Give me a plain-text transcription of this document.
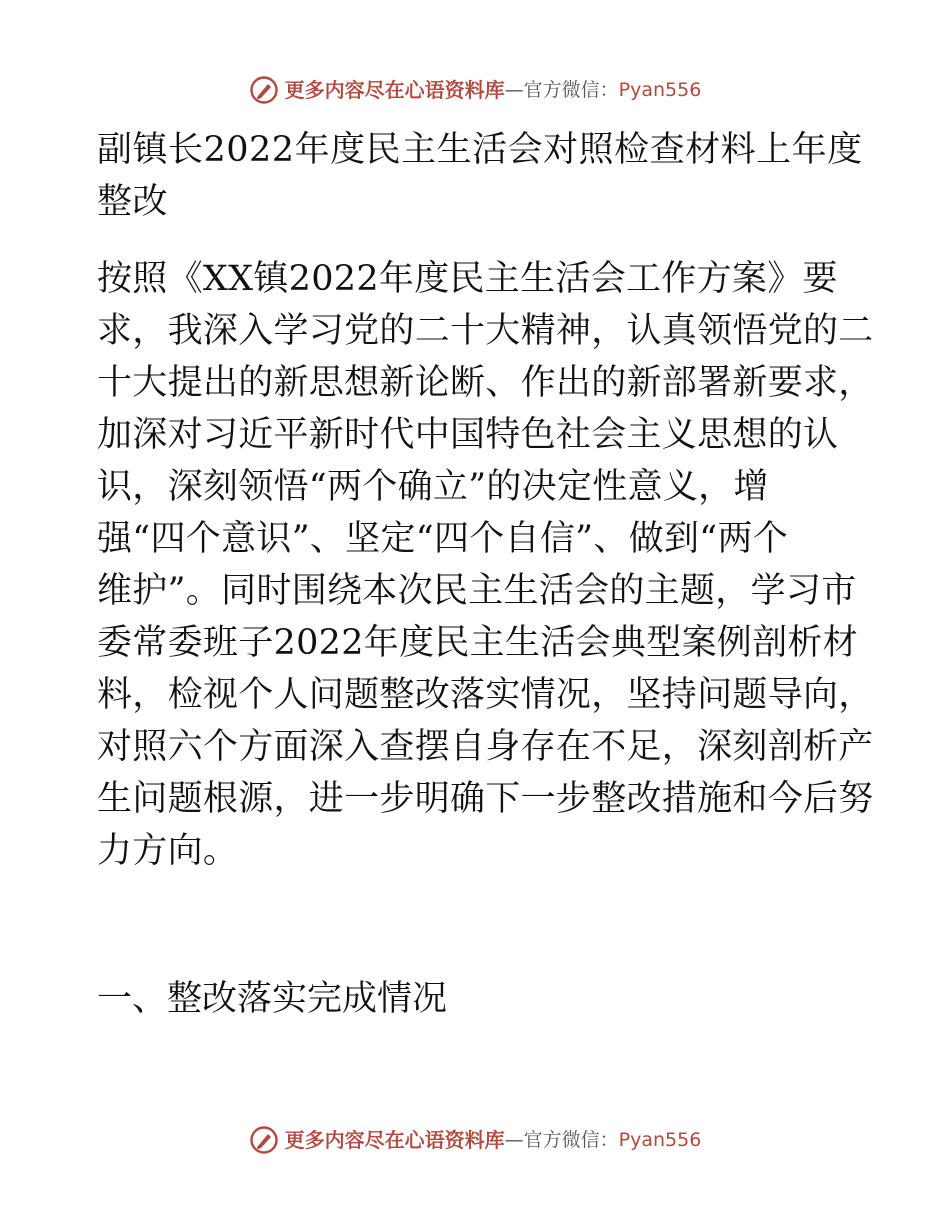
更多内容尽在心语资料库 —官方微信： Pyan556
副镇长2022年度民主生活会对照检查材料上年度
整改
按照《XX镇2022年度民主生活会工作方案》要
求，我深入学习党的二十大精神，认真领悟党的二
十大提出的新思想新论断、作出的新部署新要求，
加深对习近平新时代中国特色社会主义思想的认
识，深刻领悟“两个确立”的决定性意义，增
强“四个意识”、坚定“四个自信”、做到“两个
维护”。同时围绕本次民主生活会的主题，学习市
委常委班子2022年度民主生活会典型案例剖析材
料，检视个人问题整改落实情况，坚持问题导向，
对照六个方面深入查摆自身存在不足，深刻剖析产
生问题根源，进一步明确下一步整改措施和今后努
力方向。
一、整改落实完成情况
更多内容尽在心语资料库 —官方微信： Pyan556
